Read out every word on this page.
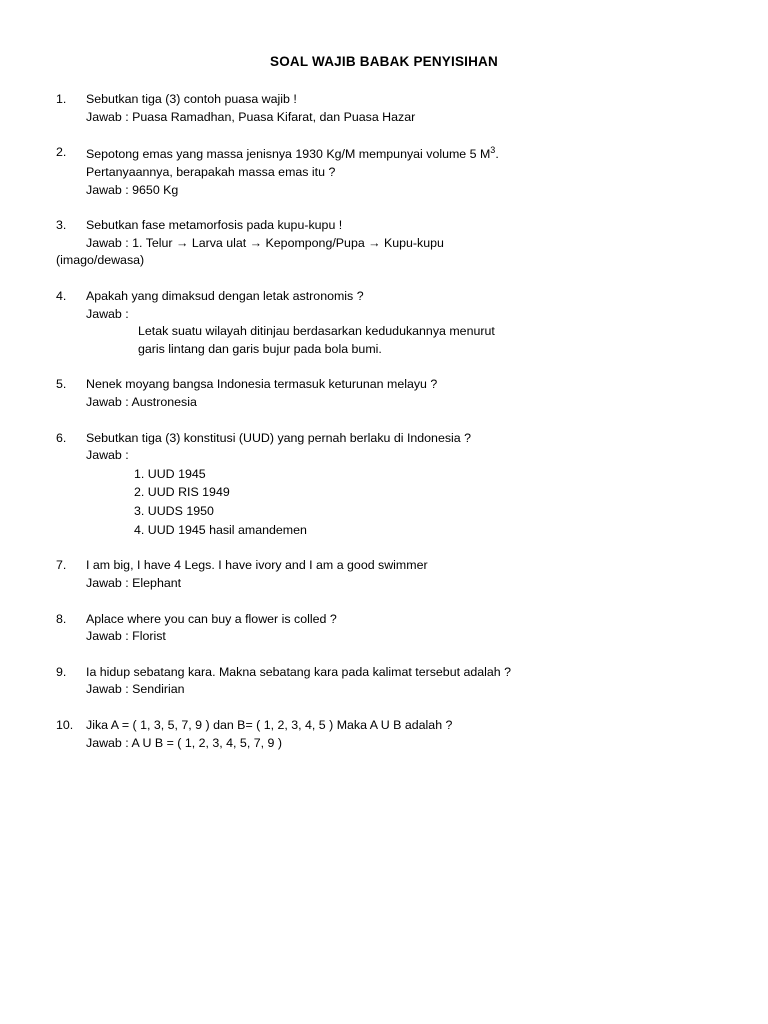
SOAL WAJIB BABAK PENYISIHAN
1.	Sebutkan tiga (3) contoh puasa wajib !
Jawab : Puasa Ramadhan, Puasa Kifarat, dan Puasa Hazar
2.	Sepotong emas yang massa jenisnya 1930 Kg/M mempunyai volume 5 $M^3$.
Pertanyaannya, berapakah massa emas itu ?
Jawab : 9650 Kg
3.	Sebutkan fase metamorfosis pada kupu-kupu !
Jawab : 1. Telur → Larva ulat → Kepompong/Pupa → Kupu-kupu
(imago/dewasa)
4.	Apakah yang dimaksud dengan letak astronomis ?
Jawab :
Letak suatu wilayah ditinjau berdasarkan kedudukannya menurut
garis lintang dan garis bujur pada bola bumi.
5.	Nenek moyang bangsa Indonesia termasuk keturunan melayu ?
Jawab : Austronesia
6.	Sebutkan tiga (3) konstitusi (UUD) yang pernah berlaku di Indonesia ?
Jawab :
1. UUD 1945
2. UUD RIS 1949
3. UUDS 1950
4. UUD 1945 hasil amandemen
7.	I am big, I have 4 Legs. I have ivory and I am a good swimmer
Jawab : Elephant
8.	Aplace where you can buy a flower is colled ?
Jawab : Florist
9.	Ia hidup sebatang kara. Makna sebatang kara pada kalimat tersebut adalah ?
Jawab : Sendirian
10.	Jika A = ( 1, 3, 5, 7, 9 ) dan B= ( 1, 2, 3, 4, 5 ) Maka A U B adalah ?
Jawab : A U B = ( 1, 2, 3, 4, 5, 7, 9 )
